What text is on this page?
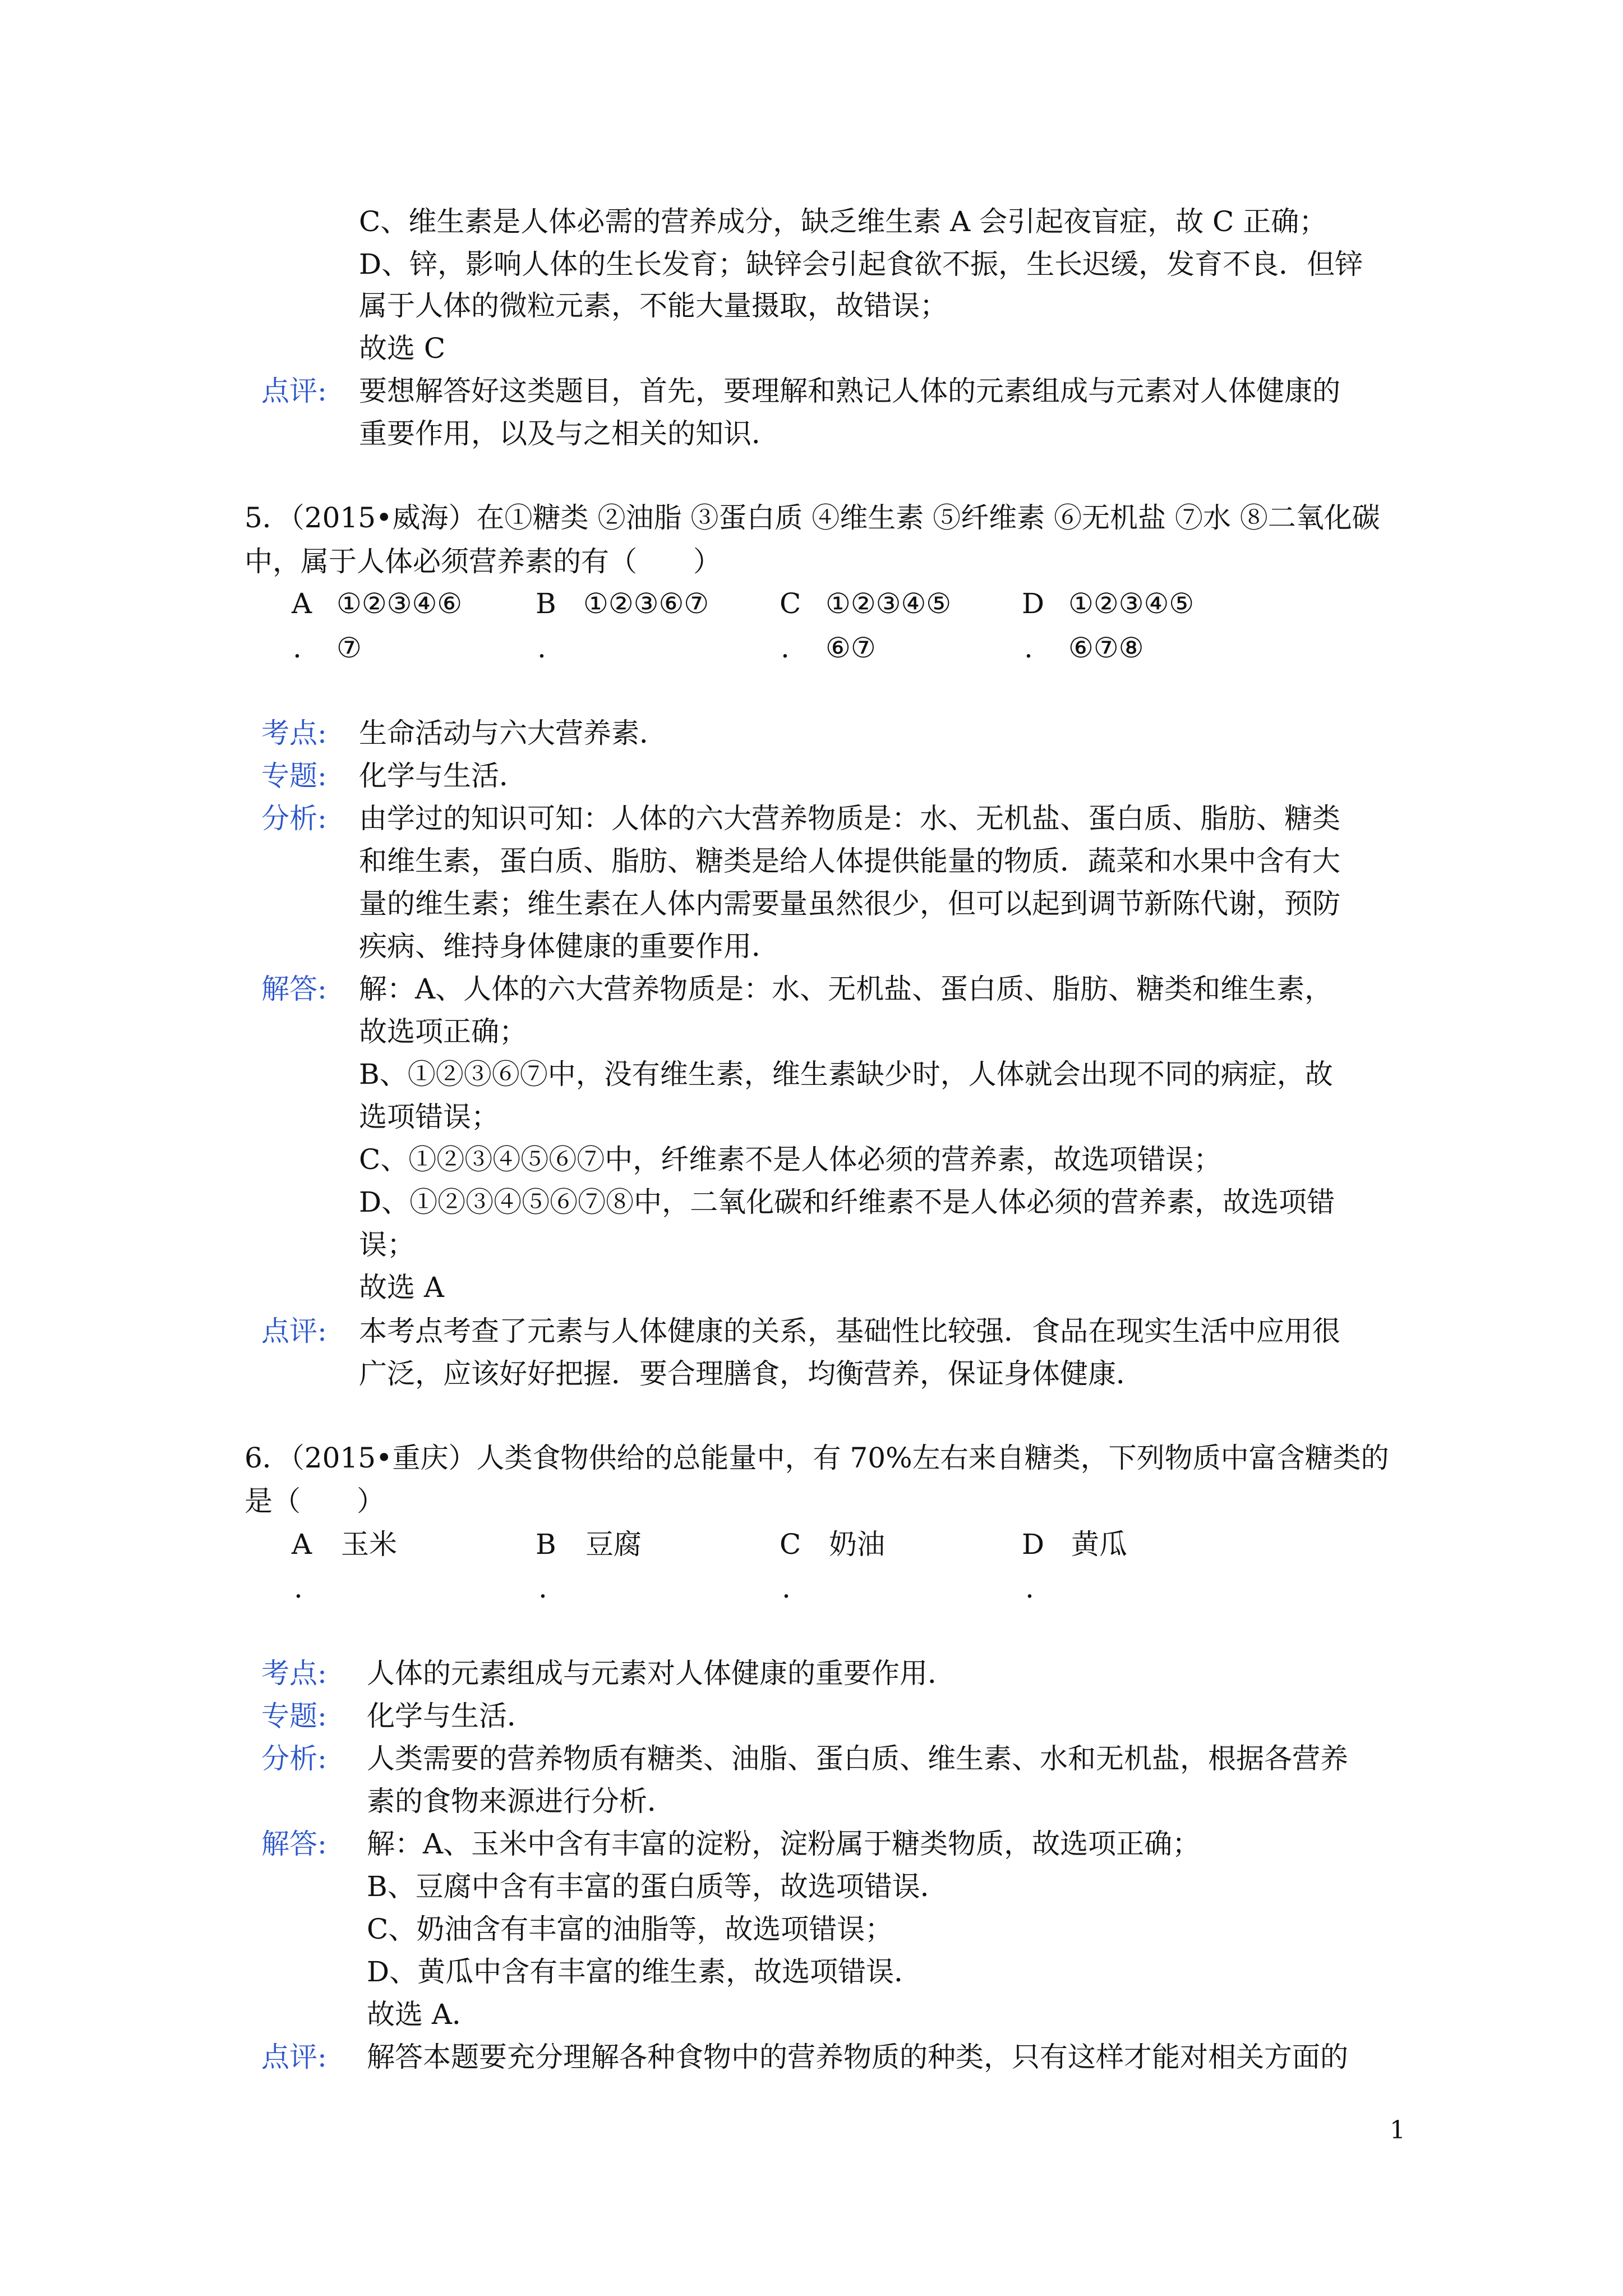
C、维生素是人体必需的营养成分，缺乏维生素 A 会引起夜盲症，故 C 正确；
D、锌，影响人体的生长发育；缺锌会引起食欲不振，生长迟缓，发育不良．但锌
属于人体的微粒元素，不能大量摄取，故错误；
故选 C
点评: 要想解答好这类题目，首先，要理解和熟记人体的元素组成与元素对人体健康的
重要作用，以及与之相关的知识．
5．（2015•威海）在①糖类 ②油脂 ③蛋白质 ④维生素 ⑤纤维素 ⑥无机盐 ⑦水 ⑧二氧化碳
中，属于人体必须营养素的有（　　）
A ①②③④⑥
. ⑦
B ①②③⑥⑦
.
C ①②③④⑤
. ⑥⑦
D ①②③④⑤
. ⑥⑦⑧
考点: 生命活动与六大营养素．
专题: 化学与生活．
分析: 由学过的知识可知：人体的六大营养物质是：水、无机盐、蛋白质、脂肪、糖类
和维生素，蛋白质、脂肪、糖类是给人体提供能量的物质．蔬菜和水果中含有大
量的维生素；维生素在人体内需要量虽然很少，但可以起到调节新陈代谢，预防
疾病、维持身体健康的重要作用．
解答: 解：A、人体的六大营养物质是：水、无机盐、蛋白质、脂肪、糖类和维生素，
故选项正确；
B、①②③⑥⑦中，没有维生素，维生素缺少时，人体就会出现不同的病症，故
选项错误；
C、①②③④⑤⑥⑦中，纤维素不是人体必须的营养素，故选项错误；
D、①②③④⑤⑥⑦⑧中，二氧化碳和纤维素不是人体必须的营养素，故选项错
误；
故选 A
点评: 本考点考查了元素与人体健康的关系，基础性比较强．食品在现实生活中应用很
广泛，应该好好把握．要合理膳食，均衡营养，保证身体健康．
6．（2015•重庆）人类食物供给的总能量中，有 70%左右来自糖类，下列物质中富含糖类的
是（　　）
A 玉米
.
B 豆腐
.
C 奶油
.
D 黄瓜
.
考点: 人体的元素组成与元素对人体健康的重要作用．
专题: 化学与生活．
分析: 人类需要的营养物质有糖类、油脂、蛋白质、维生素、水和无机盐，根据各营养
素的食物来源进行分析．
解答: 解：A、玉米中含有丰富的淀粉，淀粉属于糖类物质，故选项正确；
B、豆腐中含有丰富的蛋白质等，故选项错误．
C、奶油含有丰富的油脂等，故选项错误；
D、黄瓜中含有丰富的维生素，故选项错误．
故选 A．
点评: 解答本题要充分理解各种食物中的营养物质的种类，只有这样才能对相关方面的
1
